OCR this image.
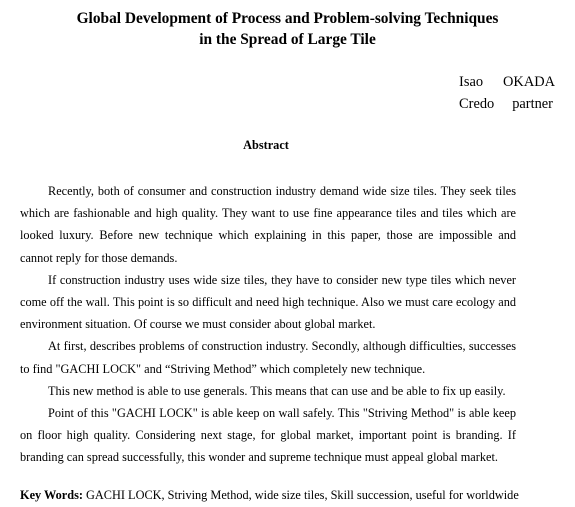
Global Development of Process and Problem-solving Techniques
in the Spread of Large Tile
Isao OKADA
Credo partner
Abstract

Recently, both of consumer and construction industry demand wide size tiles. They seek tiles which are fashionable and high quality. They want to use fine appearance tiles and tiles which are looked luxury. Before new technique which explaining in this paper, those are impossible and cannot reply for those demands.

If construction industry uses wide size tiles, they have to consider new type tiles which never come off the wall. This point is so difficult and need high technique. Also we must care ecology and environment situation. Of course we must consider about global market.

At first, describes problems of construction industry. Secondly, although difficulties, successes to find "GACHI LOCK" and “Striving Method” which completely new technique.

This new method is able to use generals. This means that can use and be able to fix up easily.

Point of this "GACHI LOCK" is able keep on wall safely. This "Striving Method" is able keep on floor high quality. Considering next stage, for global market, important point is branding. If branding can spread successfully, this wonder and supreme technique must appeal global market.

Key Words: GACHI LOCK, Striving Method, wide size tiles, Skill succession, useful for worldwide
